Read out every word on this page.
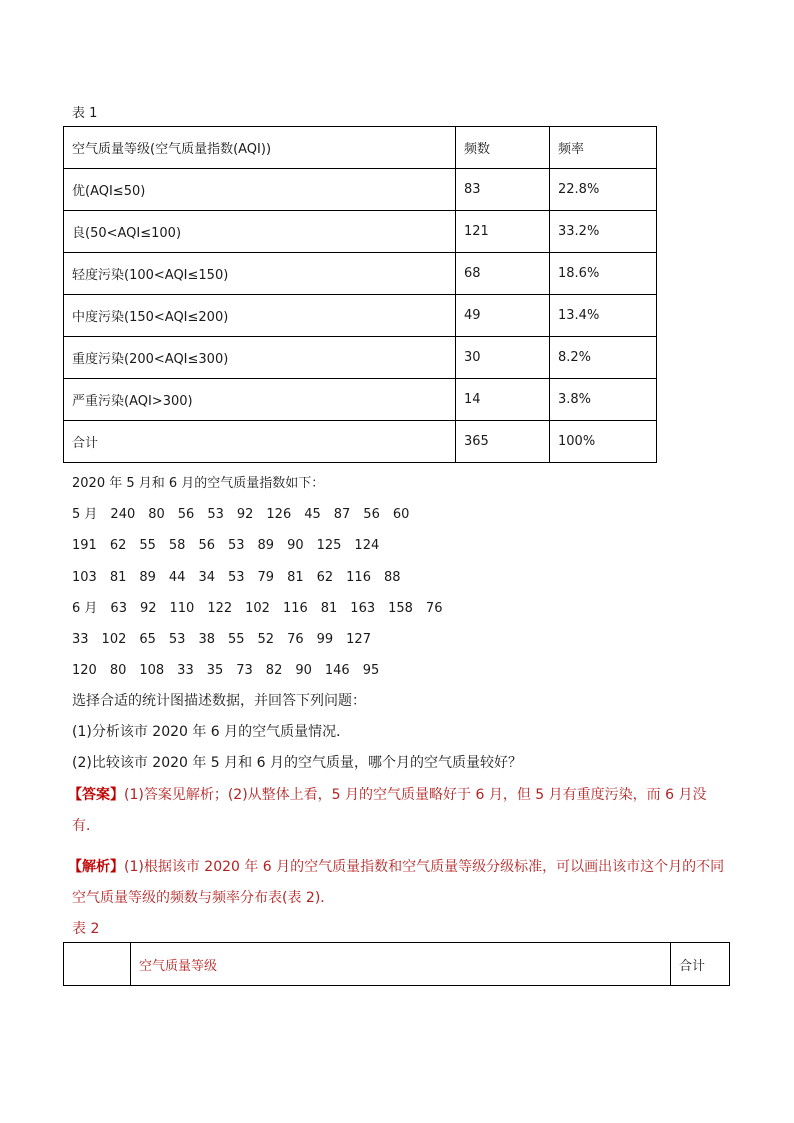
表 1
空气质量等级(空气质量指数(AQI))	频数	频率
优(AQI≤50)	83	22.8%
良(50<AQI≤100)	121	33.2%
轻度污染(100<AQI≤150)	68	18.6%
中度污染(150<AQI≤200)	49	13.4%
重度污染(200<AQI≤300)	30	8.2%
严重污染(AQI>300)	14	3.8%
合计	365	100%
2020 年 5 月和 6 月的空气质量指数如下：
5 月　 240　80　56　53　92　126　45　87　56　60
191　62　55　58　56　53　89　90　125　124
103　81　89　44　34　53　79　81　62　116　88
6 月　 63　92　110　122　102　116　81　163　158　76
33　102　65　53　38　55　52　76　99　127
120　80　108　33　35　73　82　90　146　95
选择合适的统计图描述数据，并回答下列问题：
(1)分析该市 2020 年 6 月的空气质量情况．
(2)比较该市 2020 年 5 月和 6 月的空气质量，哪个月的空气质量较好？
【答案】(1)答案见解析；(2)从整体上看，5 月的空气质量略好于 6 月，但 5 月有重度污染，而 6 月没
有．
【解析】(1)根据该市 2020 年 6 月的空气质量指数和空气质量等级分级标准，可以画出该市这个月的不同
空气质量等级的频数与频率分布表(表 2)．
表 2
	空气质量等级	合计
